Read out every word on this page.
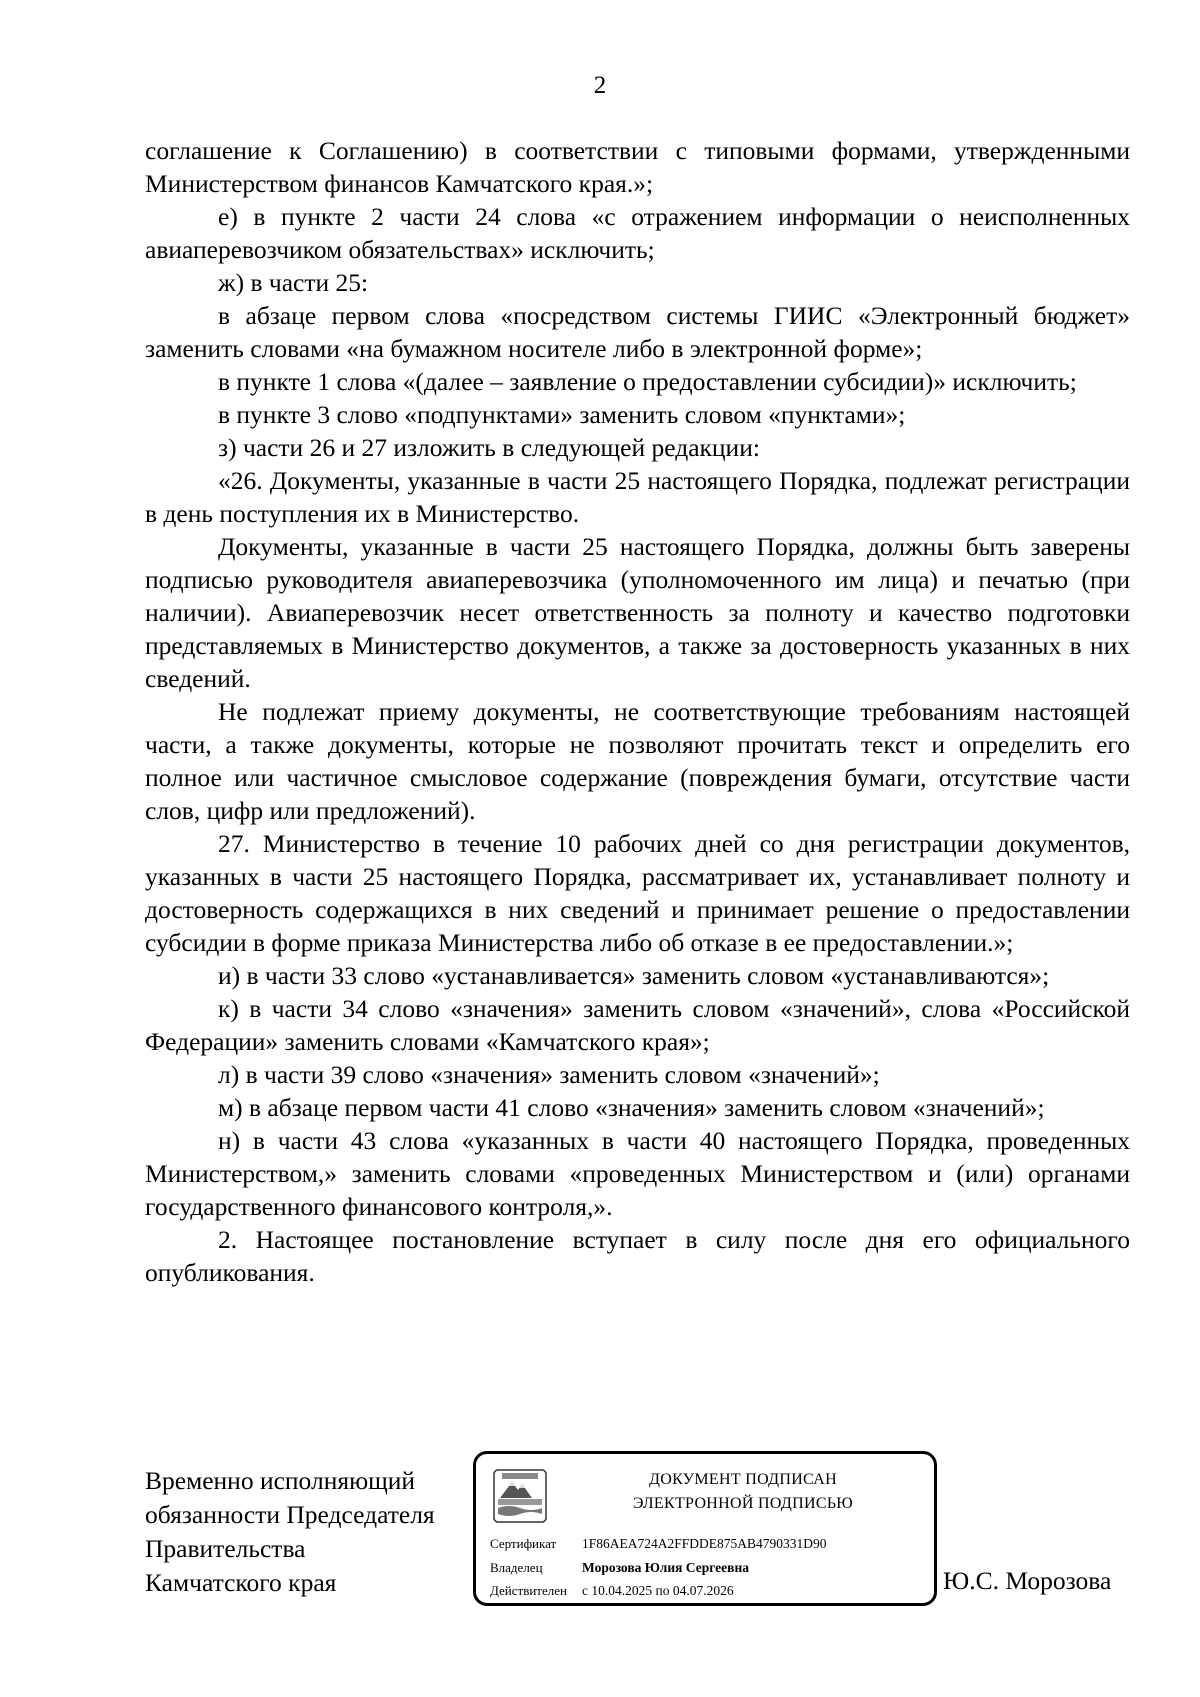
2

соглашение к Соглашению) в соответствии с типовыми формами, утвержденными Министерством финансов Камчатского края.»;

е) в пункте 2 части 24 слова «с отражением информации о неисполненных авиаперевозчиком обязательствах» исключить;

ж) в части 25:

в абзаце первом слова «посредством системы ГИИС «Электронный бюджет» заменить словами «на бумажном носителе либо в электронной форме»;

в пункте 1 слова «(далее – заявление о предоставлении субсидии)» исключить;

в пункте 3 слово «подпунктами» заменить словом «пунктами»;

з) части 26 и 27 изложить в следующей редакции:

«26. Документы, указанные в части 25 настоящего Порядка, подлежат регистрации в день поступления их в Министерство.

Документы, указанные в части 25 настоящего Порядка, должны быть заверены подписью руководителя авиаперевозчика (уполномоченного им лица) и печатью (при наличии). Авиаперевозчик несет ответственность за полноту и качество подготовки представляемых в Министерство документов, а также за достоверность указанных в них сведений.

Не подлежат приему документы, не соответствующие требованиям настоящей части, а также документы, которые не позволяют прочитать текст и определить его полное или частичное смысловое содержание (повреждения бумаги, отсутствие части слов, цифр или предложений).

27. Министерство в течение 10 рабочих дней со дня регистрации документов, указанных в части 25 настоящего Порядка, рассматривает их, устанавливает полноту и достоверность содержащихся в них сведений и принимает решение о предоставлении субсидии в форме приказа Министерства либо об отказе в ее предоставлении.»;

и) в части 33 слово «устанавливается» заменить словом «устанавливаются»;

к) в части 34 слово «значения» заменить словом «значений», слова «Российской Федерации» заменить словами «Камчатского края»;

л) в части 39 слово «значения» заменить словом «значений»;

м) в абзаце первом части 41 слово «значения» заменить словом «значений»;

н) в части 43 слова «указанных в части 40 настоящего Порядка, проведенных Министерством,» заменить словами «проведенных Министерством и (или) органами государственного финансового контроля,».

2. Настоящее постановление вступает в силу после дня его официального опубликования.

Временно исполняющий
обязанности Председателя
Правительства
Камчатского края
ДОКУМЕНТ ПОДПИСАН
ЭЛЕКТРОННОЙ ПОДПИСЬЮ
Сертификат 1F86AEA724A2FFDDE875AB4790331D90
Владелец	Морозова Юлия Сергеевна
Действителен с 10.04.2025 по 04.07.2026	Ю.С. Морозова
